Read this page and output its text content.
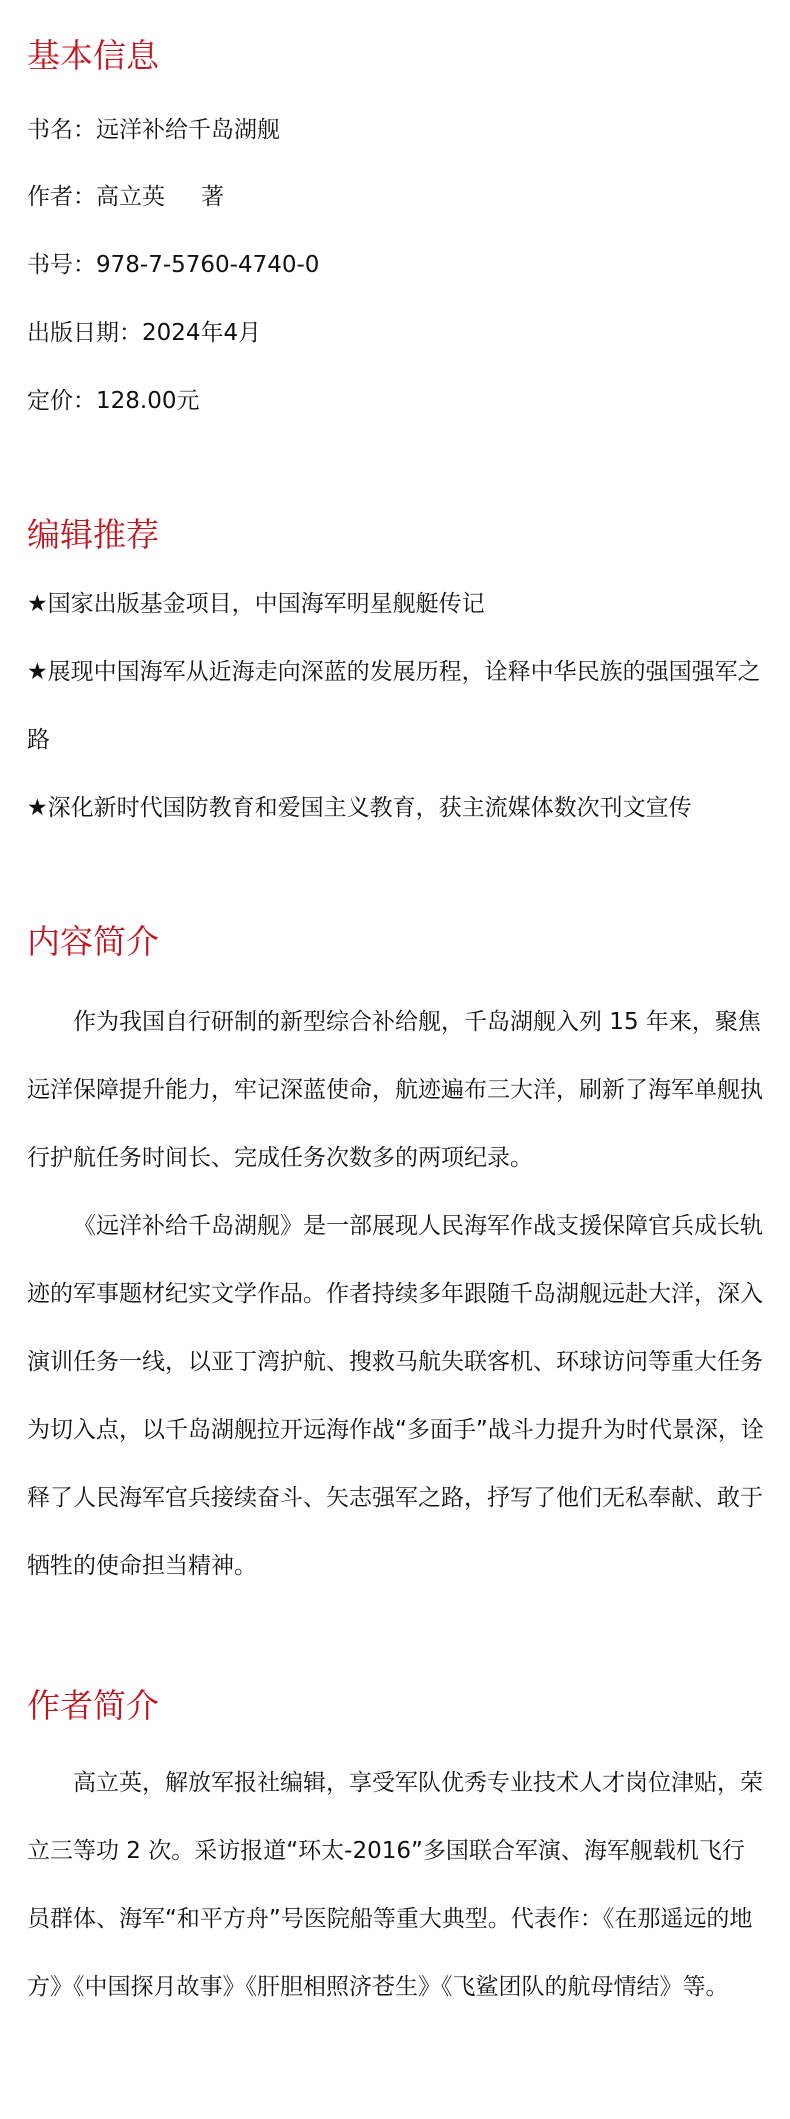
基本信息

书名：远洋补给千岛湖舰

作者：高立英 著

书号：978-7-5760-4740-0

出版日期：2024年4月

定价：128.00元

编辑推荐

★国家出版基金项目，中国海军明星舰艇传记

★展现中国海军从近海走向深蓝的发展历程，诠释中华民族的强国强军之路

★深化新时代国防教育和爱国主义教育，获主流媒体数次刊文宣传

内容简介

作为我国自行研制的新型综合补给舰，千岛湖舰入列 15 年来，聚焦远洋保障提升能力，牢记深蓝使命，航迹遍布三大洋，刷新了海军单舰执行护航任务时间长、完成任务次数多的两项纪录。

《远洋补给千岛湖舰》是一部展现人民海军作战支援保障官兵成长轨迹的军事题材纪实文学作品。作者持续多年跟随千岛湖舰远赴大洋，深入演训任务一线，以亚丁湾护航、搜救马航失联客机、环球访问等重大任务为切入点，以千岛湖舰拉开远海作战“多面手”战斗力提升为时代景深，诠释了人民海军官兵接续奋斗、矢志强军之路，抒写了他们无私奉献、敢于牺牲的使命担当精神。

作者简介

高立英，解放军报社编辑，享受军队优秀专业技术人才岗位津贴，荣立三等功 2 次。采访报道“环太-2016”多国联合军演、海军舰载机飞行员群体、海军“和平方舟”号医院船等重大典型。代表作：《在那遥远的地方》《中国探月故事》《肝胆相照济苍生》《飞鲨团队的航母情结》等。
